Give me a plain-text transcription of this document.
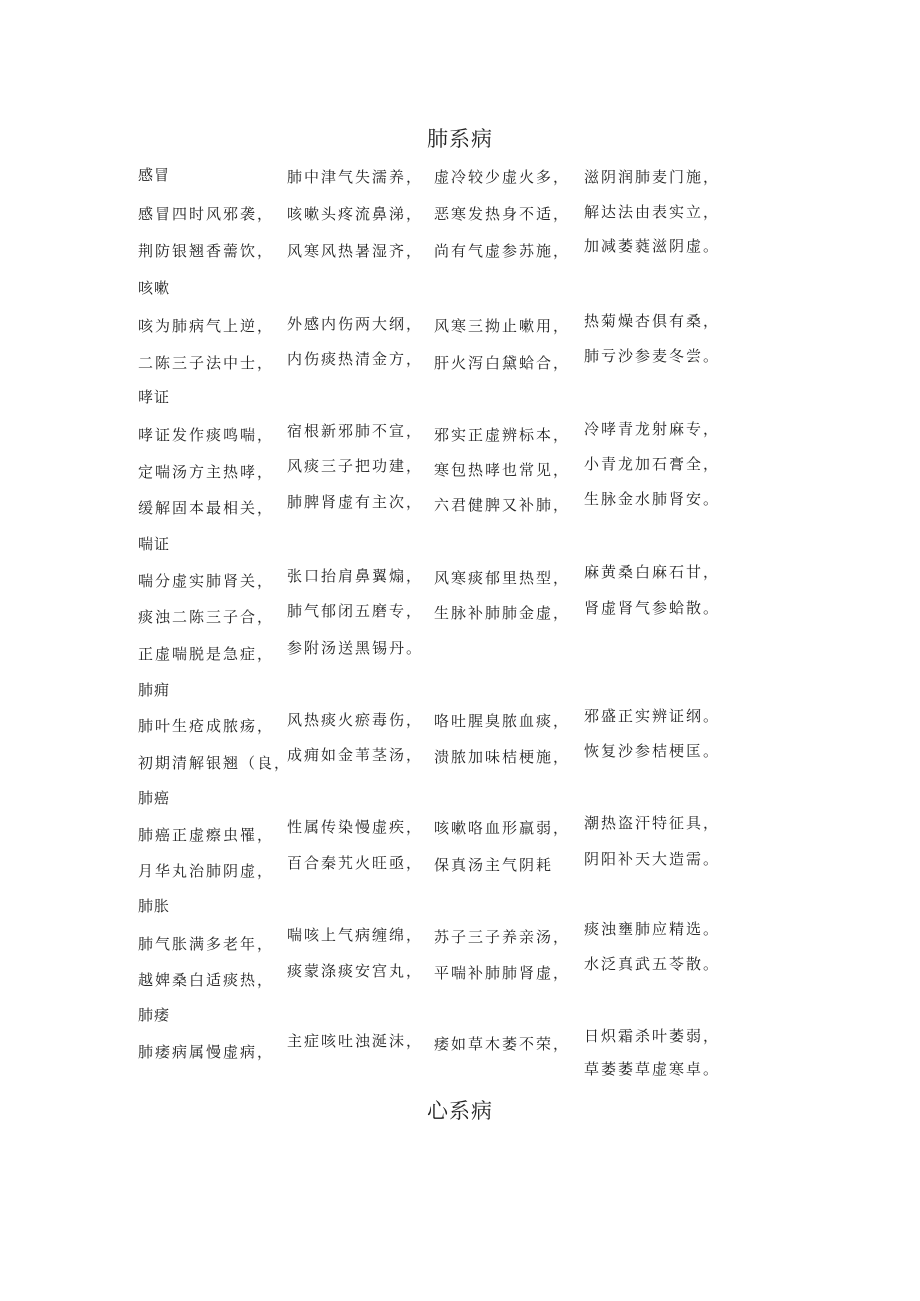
肺系病
感冒	肺中津气失濡养， 虚冷较少虚火多， 滋阴润肺麦门施，
感冒四时风邪袭， 咳嗽头疼流鼻涕， 恶寒发热身不适， 解达法由表实立，
荆防银翘香薷饮， 风寒风热暑湿齐， 尚有气虚参苏施， 加减萎蕤滋阴虚。
咳嗽
咳为肺病气上逆， 外感内伤两大纲， 风寒三拗止嗽用， 热菊燥杏俱有桑，
二陈三子法中士， 内伤痰热清金方， 肝火泻白黛蛤合， 肺亏沙参麦冬尝。
哮证
哮证发作痰鸣喘， 宿根新邪肺不宣， 邪实正虚辨标本， 冷哮青龙射麻专，
定喘汤方主热哮， 风痰三子把功建， 寒包热哮也常见， 小青龙加石膏全，
缓解固本最相关， 肺脾肾虚有主次， 六君健脾又补肺， 生脉金水肺肾安。
喘证
喘分虚实肺肾关， 张口抬肩鼻翼煽， 风寒痰郁里热型， 麻黄桑白麻石甘，
痰浊二陈三子合， 肺气郁闭五磨专， 生脉补肺肺金虚， 肾虚肾气参蛤散。
正虚喘脱是急症， 参附汤送黑锡丹。
肺痈
肺叶生疮成脓疡， 风热痰火瘀毒伤， 咯吐腥臭脓血痰， 邪盛正实辨证纲。
初期清解银翘（良，
成痈如金苇茎汤， 溃脓加味桔梗施， 恢复沙参桔梗匡。
肺癌
肺癌正虚瘵虫罹， 性属传染慢虚疾， 咳嗽咯血形羸弱， 潮热盗汗特征具，
月华丸治肺阴虚， 百合秦艽火旺亟， 保真汤主气阴耗 阴阳补天大造需。
肺胀
肺气胀满多老年， 喘咳上气病缠绵， 苏子三子养亲汤， 痰浊壅肺应精选。
越婢桑白适痰热， 痰蒙涤痰安宫丸， 平喘补肺肺肾虚， 水泛真武五苓散。
肺痿
肺痿病属慢虚病，
主症咳吐浊涎沫， 痿如草木萎不荣， 日炽霜杀叶萎弱，
草萎萎草虚寒卓。
心系病
